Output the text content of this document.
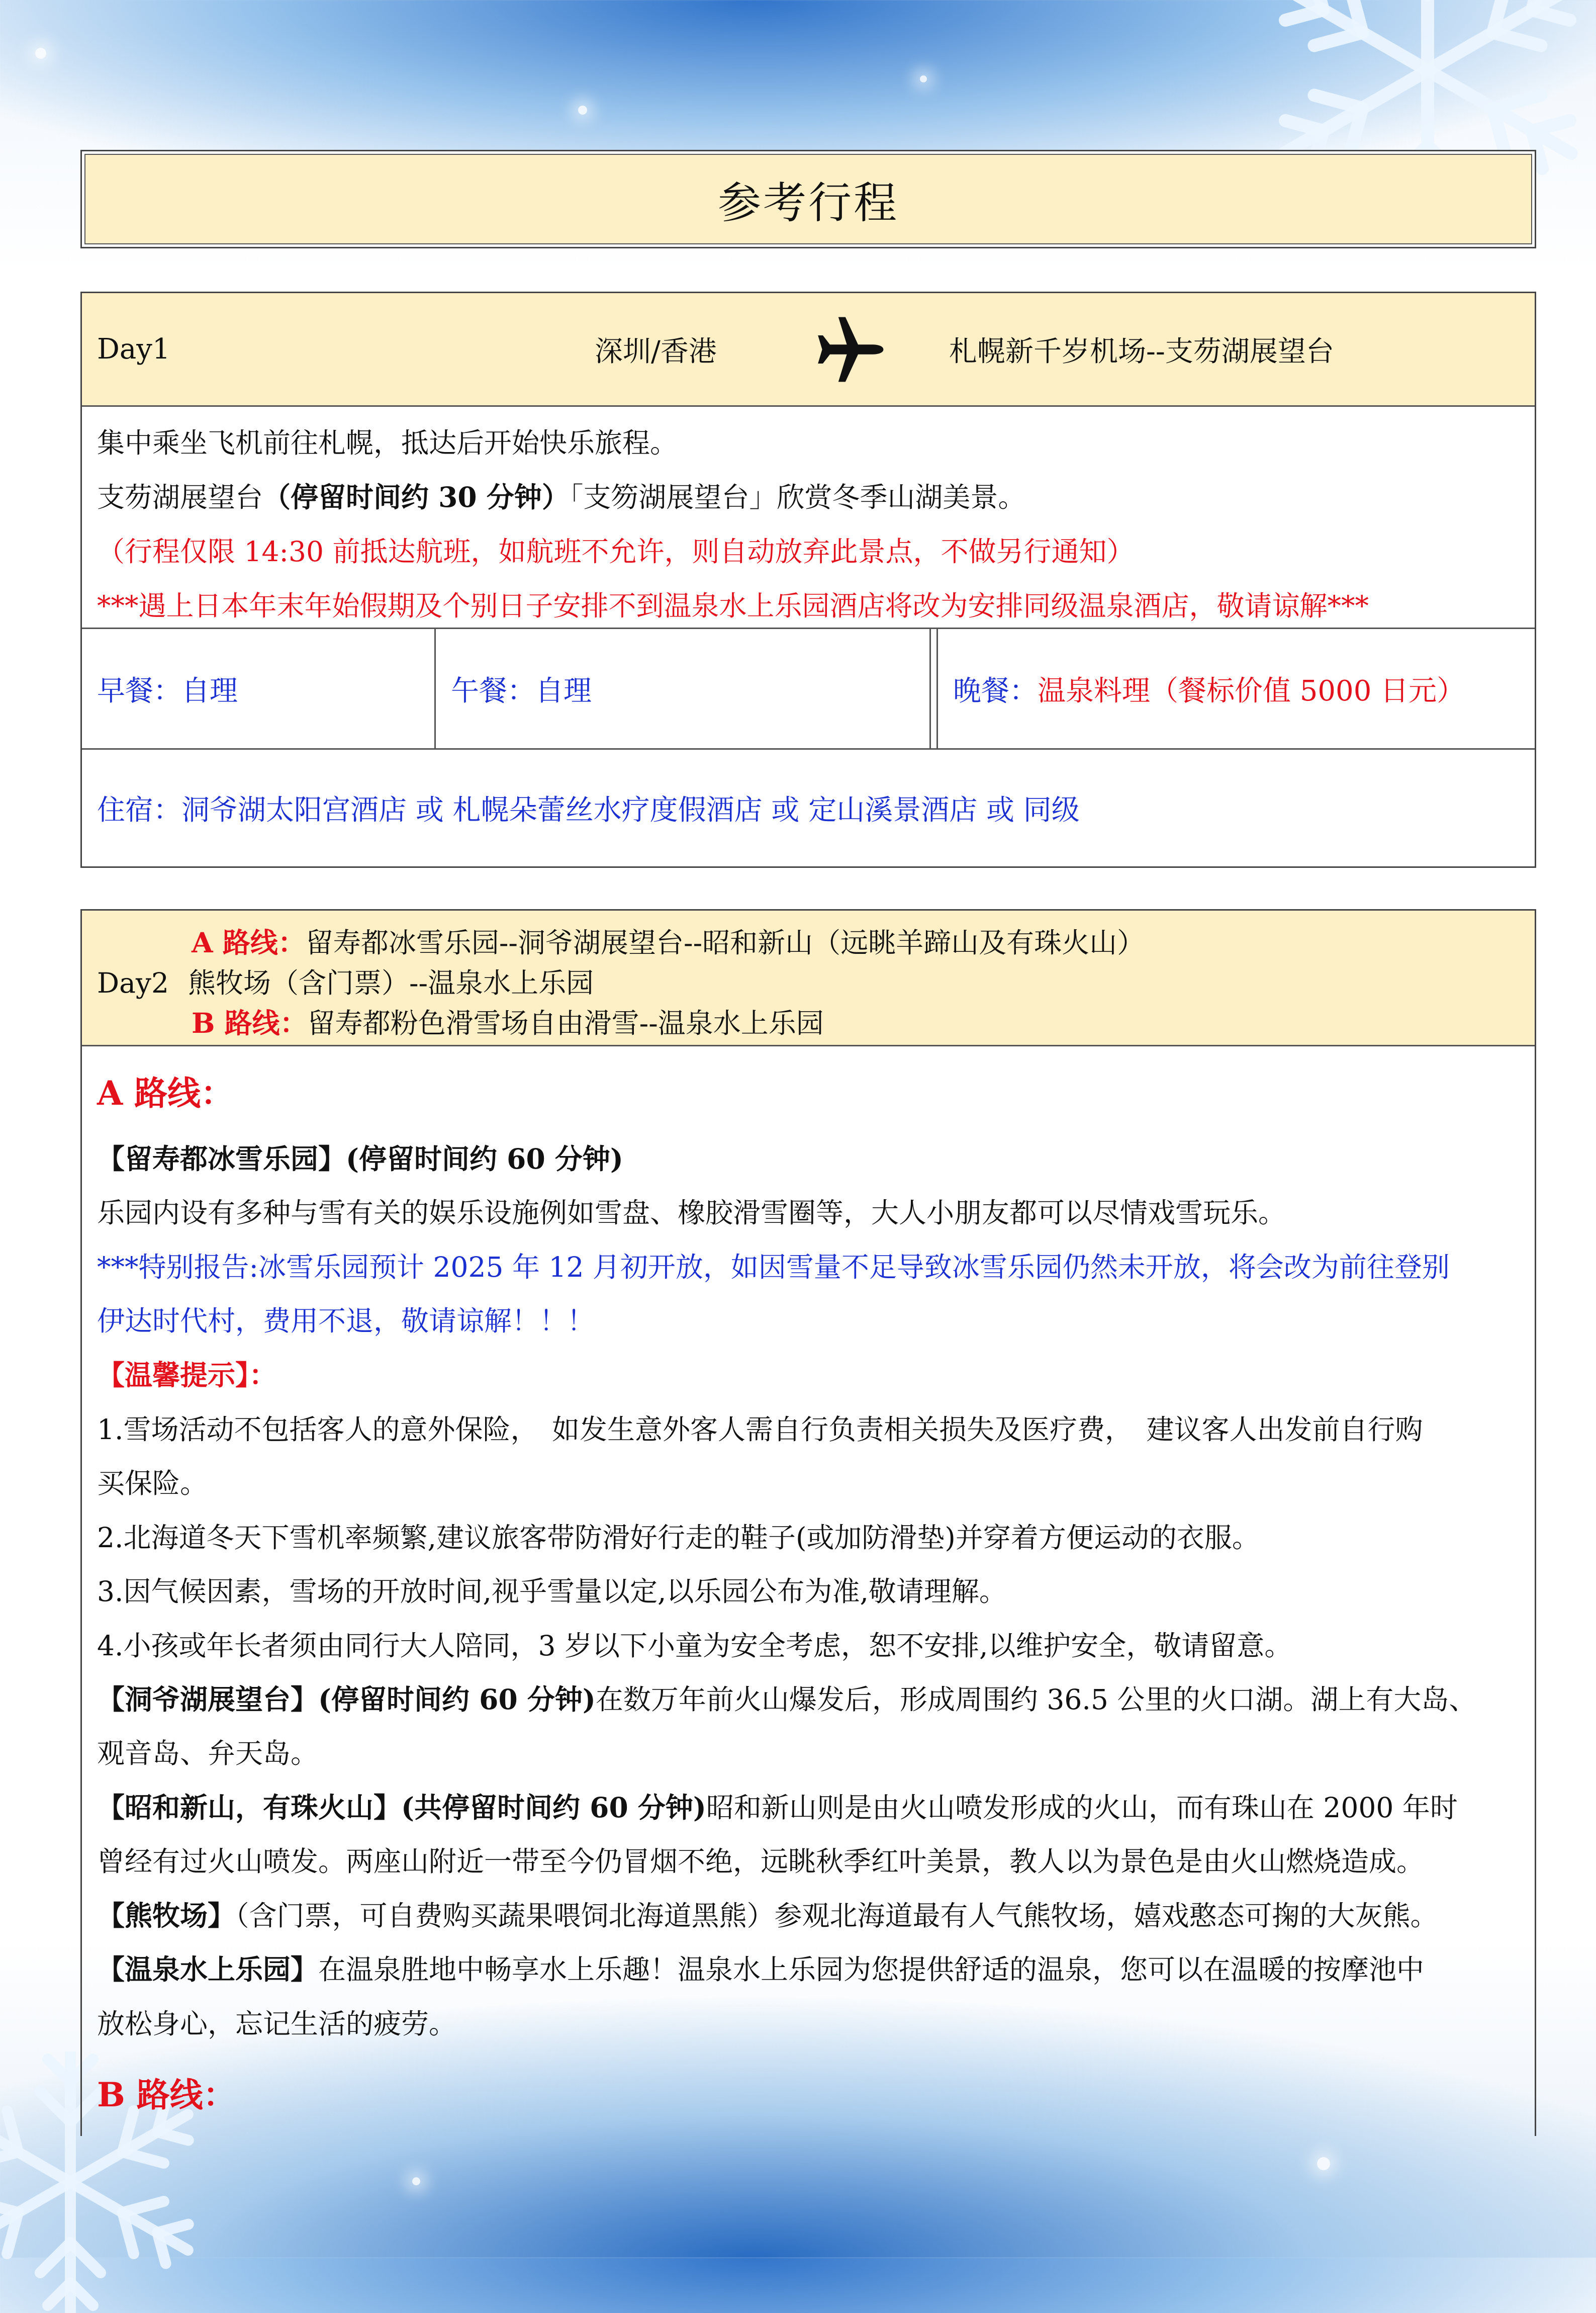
参考行程
Day1	深圳/香港	札幌新千岁机场--支芴湖展望台
集中乘坐飞机前往札幌，抵达后开始快乐旅程。
支芴湖展望台（停留时间约 30 分钟）「支笏湖展望台」欣赏冬季山湖美景。
（行程仅限 14:30 前抵达航班，如航班不允许，则自动放弃此景点，不做另行通知）
***遇上日本年末年始假期及个别日子安排不到温泉水上乐园酒店将改为安排同级温泉酒店，敬请谅解***
早餐： 自理	午餐： 自理	晚餐： 温泉料理（餐标价值 5000 日元）
住宿： 洞爷湖太阳宫酒店 或 札幌朵蕾丝水疗度假酒店 或 定山溪景酒店 或 同级
A 路线：留寿都冰雪乐园--洞爷湖展望台--昭和新山（远眺羊蹄山及有珠火山）
Day2 熊牧场（含门票）--温泉水上乐园
B 路线：留寿都粉色滑雪场自由滑雪--温泉水上乐园
A 路线：
【留寿都冰雪乐园】(停留时间约 60 分钟)
乐园内设有多种与雪有关的娱乐设施例如雪盘、橡胶滑雪圈等，大人小朋友都可以尽情戏雪玩乐。
***特别报告:冰雪乐园预计 2025 年 12 月初开放，如因雪量不足导致冰雪乐园仍然未开放，将会改为前往登别
伊达时代村，费用不退，敬请谅解！！！
【温馨提示】：
1.雪场活动不包括客人的意外保险，　如发生意外客人需自行负责相关损失及医疗费，　建议客人出发前自行购
买保险。
2.北海道冬天下雪机率频繁,建议旅客带防滑好行走的鞋子(或加防滑垫)并穿着方便运动的衣服。
3.因气候因素，雪场的开放时间,视乎雪量以定,以乐园公布为准,敬请理解。
4.小孩或年长者须由同行大人陪同，3 岁以下小童为安全考虑，恕不安排,以维护安全，敬请留意。
【洞爷湖展望台】(停留时间约 60 分钟)在数万年前火山爆发后，形成周围约 36.5 公里的火口湖。湖上有大岛、
观音岛、弁天岛。
【昭和新山，有珠火山】(共停留时间约 60 分钟)昭和新山则是由火山喷发形成的火山，而有珠山在 2000 年时
曾经有过火山喷发。两座山附近一带至今仍冒烟不绝，远眺秋季红叶美景，教人以为景色是由火山燃烧造成。
【熊牧场】（含门票，可自费购买蔬果喂饲北海道黑熊）参观北海道最有人气熊牧场，嬉戏憨态可掬的大灰熊。
【温泉水上乐园】在温泉胜地中畅享水上乐趣！温泉水上乐园为您提供舒适的温泉，您可以在温暖的按摩池中
放松身心，忘记生活的疲劳。
B 路线：
